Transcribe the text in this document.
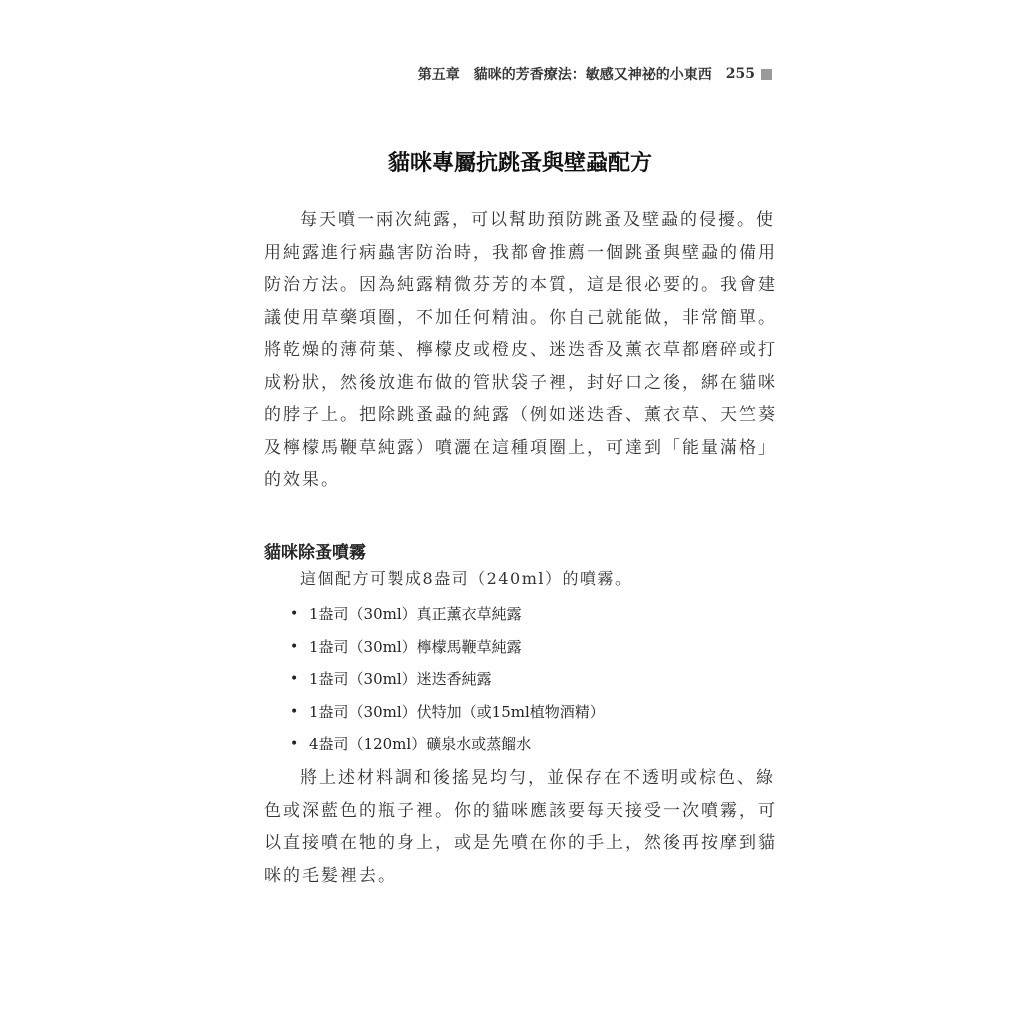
第五章　貓咪的芳香療法：敏感又神祕的小東西 255
貓咪專屬抗跳蚤與壁蝨配方

每天噴一兩次純露，可以幫助預防跳蚤及壁蝨的侵擾。使用純露進行病蟲害防治時，我都會推薦一個跳蚤與壁蝨的備用防治方法。因為純露精微芬芳的本質，這是很必要的。我會建議使用草藥項圈，不加任何精油。你自己就能做，非常簡單。將乾燥的薄荷葉、檸檬皮或橙皮、迷迭香及薰衣草都磨碎或打成粉狀，然後放進布做的管狀袋子裡，封好口之後，綁在貓咪的脖子上。把除跳蚤蝨的純露（例如迷迭香、薰衣草、天竺葵及檸檬馬鞭草純露）噴灑在這種項圈上，可達到「能量滿格」的效果。

貓咪除蚤噴霧
這個配方可製成8盎司（240ml）的噴霧。
• 1盎司（30ml）真正薰衣草純露
• 1盎司（30ml）檸檬馬鞭草純露
• 1盎司（30ml）迷迭香純露
• 1盎司（30ml）伏特加（或15ml植物酒精）
• 4盎司（120ml）礦泉水或蒸餾水

將上述材料調和後搖晃均勻，並保存在不透明或棕色、綠色或深藍色的瓶子裡。你的貓咪應該要每天接受一次噴霧，可以直接噴在牠的身上，或是先噴在你的手上，然後再按摩到貓咪的毛髮裡去。
